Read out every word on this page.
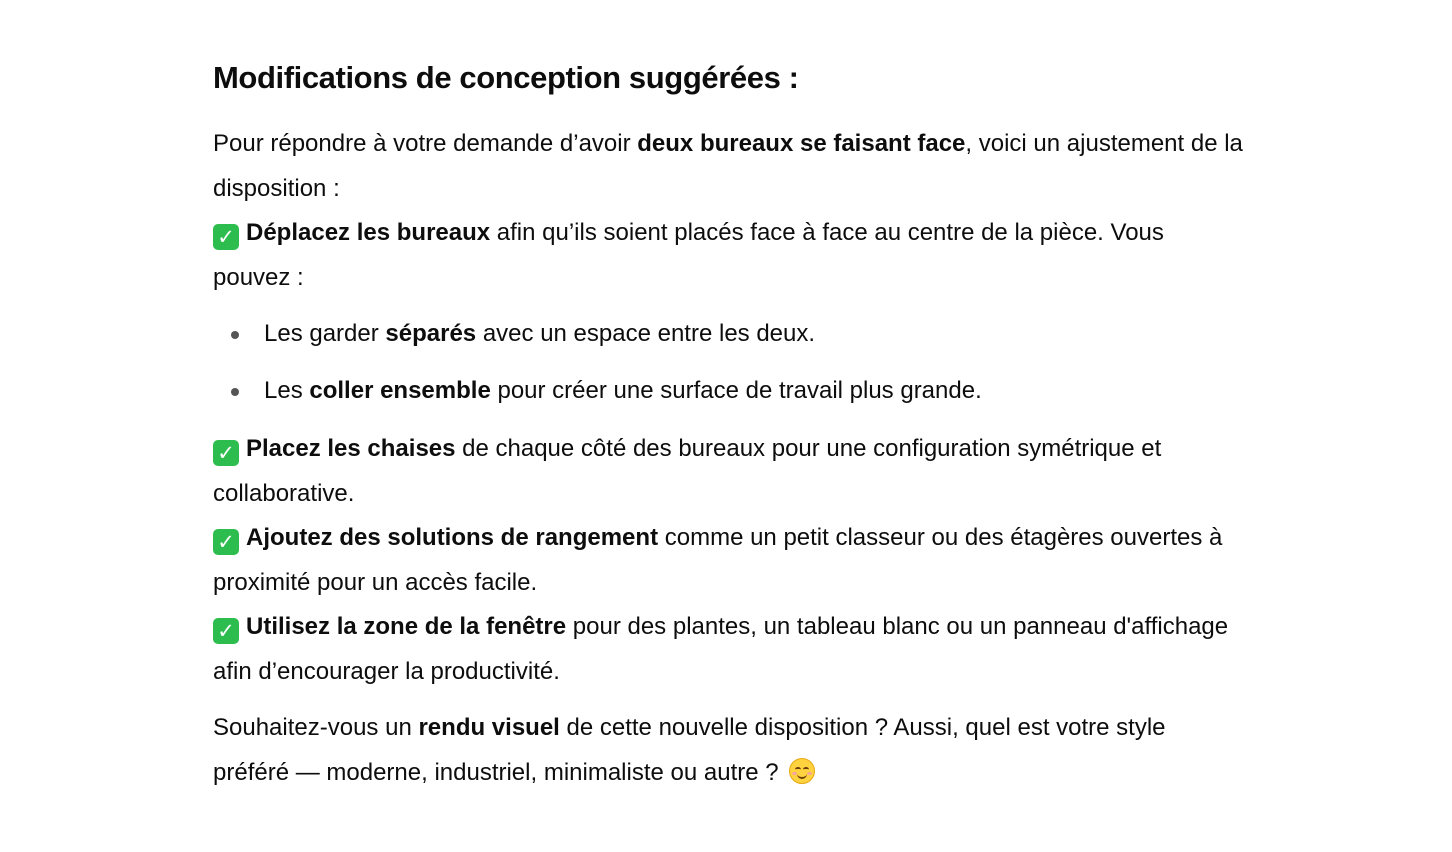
Modifications de conception suggérées :

Pour répondre à votre demande d’avoir deux bureaux se faisant face, voici un ajustement de la disposition :

✓ Déplacez les bureaux afin qu’ils soient placés face à face au centre de la pièce. Vous pouvez :

Les garder séparés avec un espace entre les deux.
Les coller ensemble pour créer une surface de travail plus grande.

✓ Placez les chaises de chaque côté des bureaux pour une configuration symétrique et collaborative.

✓ Ajoutez des solutions de rangement comme un petit classeur ou des étagères ouvertes à proximité pour un accès facile.

✓ Utilisez la zone de la fenêtre pour des plantes, un tableau blanc ou un panneau d'affichage afin d’encourager la productivité.

Souhaitez-vous un rendu visuel de cette nouvelle disposition ? Aussi, quel est votre style préféré — moderne, industriel, minimaliste ou autre ?
